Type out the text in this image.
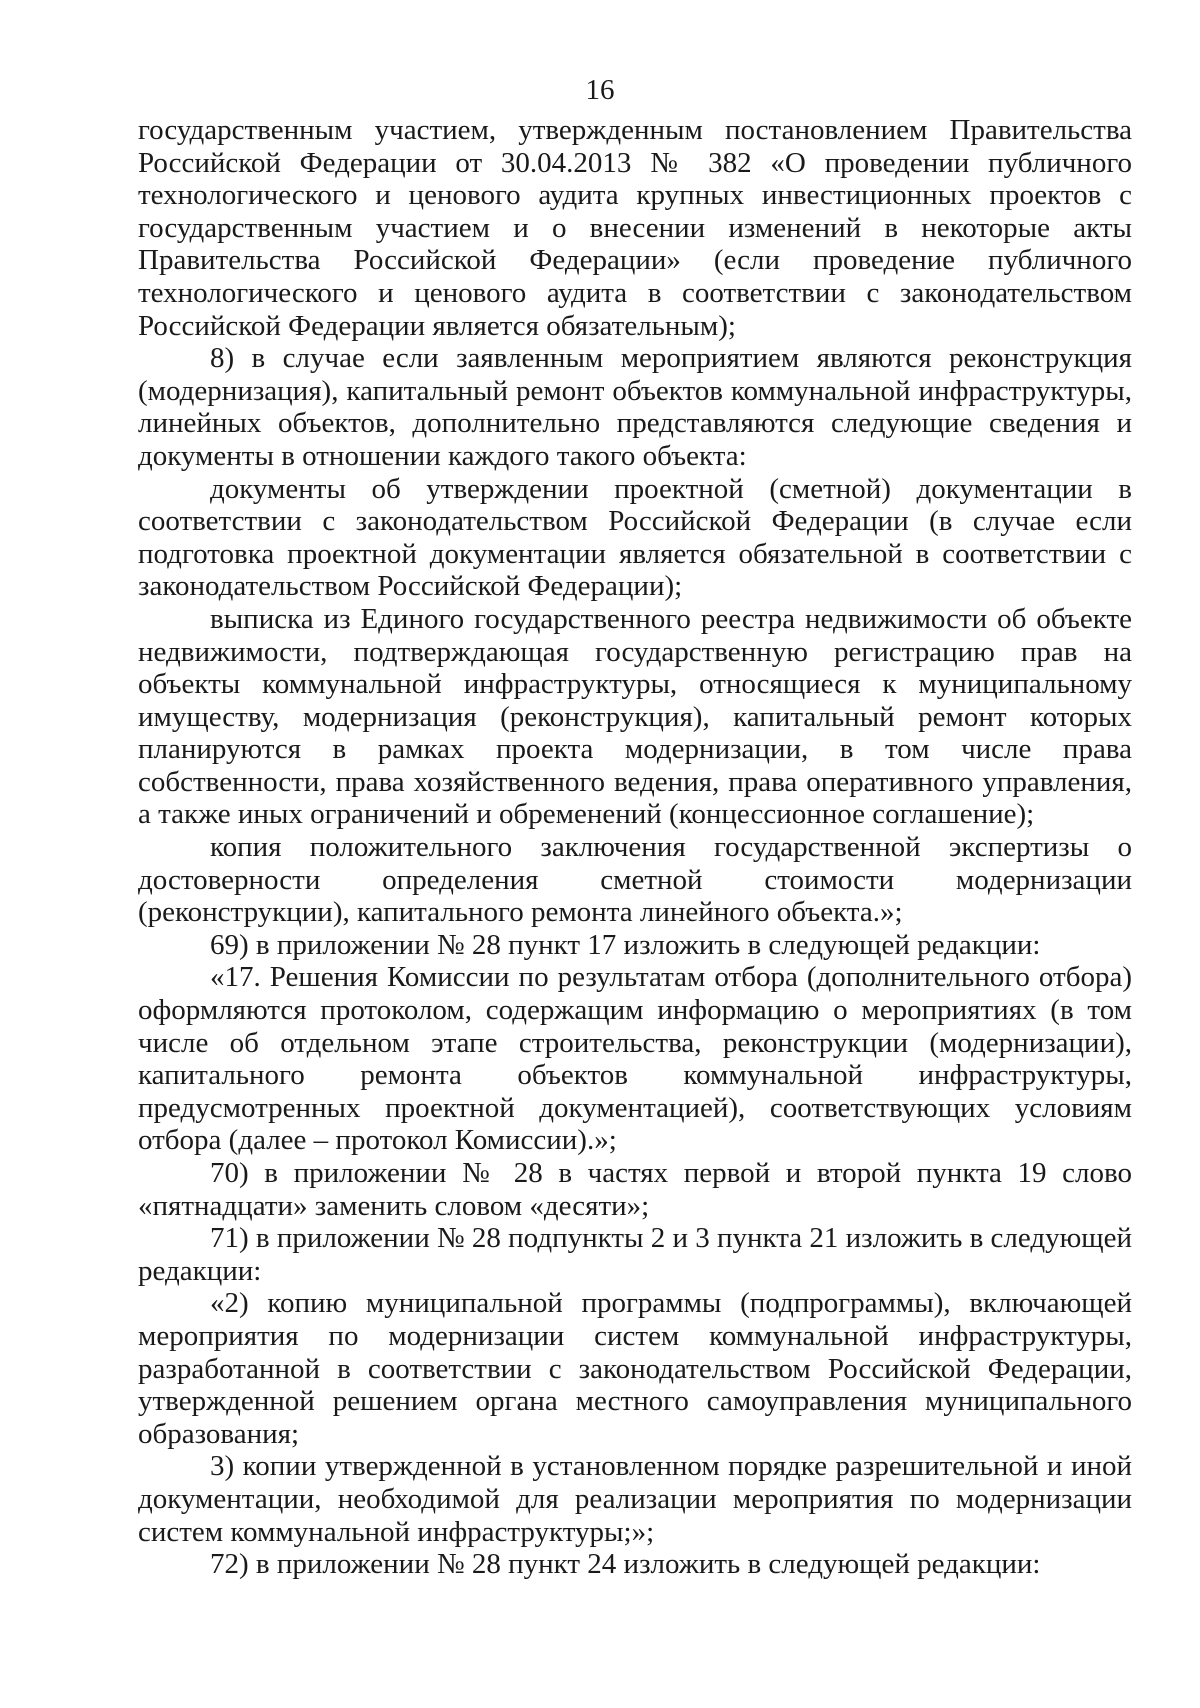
16

государственным участием, утвержденным постановлением Правительства Российской Федерации от 30.04.2013 № 382 «О проведении публичного технологического и ценового аудита крупных инвестиционных проектов с государственным участием и о внесении изменений в некоторые акты Правительства Российской Федерации» (если проведение публичного технологического и ценового аудита в соответствии с законодательством Российской Федерации является обязательным);

8) в случае если заявленным мероприятием являются реконструкция (модернизация), капитальный ремонт объектов коммунальной инфраструктуры, линейных объектов, дополнительно представляются следующие сведения и документы в отношении каждого такого объекта:

документы об утверждении проектной (сметной) документации в соответствии с законодательством Российской Федерации (в случае если подготовка проектной документации является обязательной в соответствии с законодательством Российской Федерации);

выписка из Единого государственного реестра недвижимости об объекте недвижимости, подтверждающая государственную регистрацию прав на объекты коммунальной инфраструктуры, относящиеся к муниципальному имуществу, модернизация (реконструкция), капитальный ремонт которых планируются в рамках проекта модернизации, в том числе права собственности, права хозяйственного ведения, права оперативного управления, а также иных ограничений и обременений (концессионное соглашение);

копия положительного заключения государственной экспертизы о достоверности определения сметной стоимости модернизации (реконструкции), капитального ремонта линейного объекта.»;

69) в приложении № 28 пункт 17 изложить в следующей редакции:

«17. Решения Комиссии по результатам отбора (дополнительного отбора) оформляются протоколом, содержащим информацию о мероприятиях (в том числе об отдельном этапе строительства, реконструкции (модернизации), капитального ремонта объектов коммунальной инфраструктуры, предусмотренных проектной документацией), соответствующих условиям отбора (далее – протокол Комиссии).»;

70) в приложении № 28 в частях первой и второй пункта 19 слово «пятнадцати» заменить словом «десяти»;

71) в приложении № 28 подпункты 2 и 3 пункта 21 изложить в следующей редакции:

«2) копию муниципальной программы (подпрограммы), включающей мероприятия по модернизации систем коммунальной инфраструктуры, разработанной в соответствии с законодательством Российской Федерации, утвержденной решением органа местного самоуправления муниципального образования;

3) копии утвержденной в установленном порядке разрешительной и иной документации, необходимой для реализации мероприятия по модернизации систем коммунальной инфраструктуры;»;

72) в приложении № 28 пункт 24 изложить в следующей редакции:
